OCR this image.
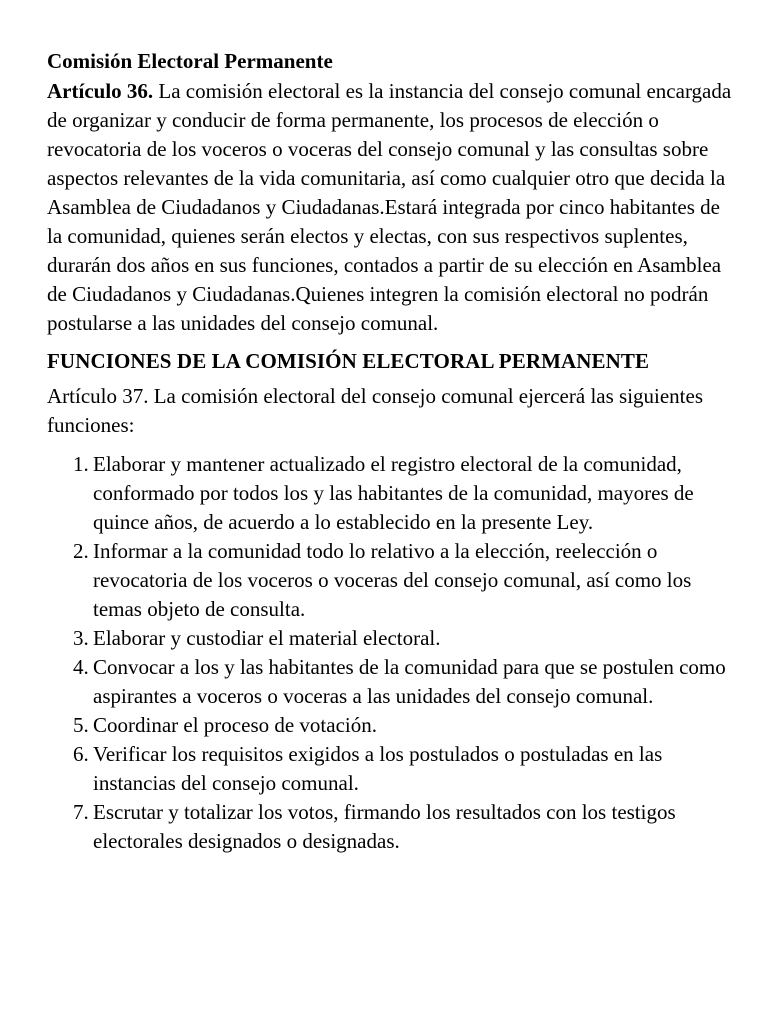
Comisión Electoral Permanente

Artículo 36. La comisión electoral es la instancia del consejo comunal encargada de organizar y conducir de forma permanente, los procesos de elección o revocatoria de los voceros o voceras del consejo comunal y las consultas sobre aspectos relevantes de la vida comunitaria, así como cualquier otro que decida la Asamblea de Ciudadanos y Ciudadanas.Estará integrada por cinco habitantes de la comunidad, quienes serán electos y electas, con sus respectivos suplentes, durarán dos años en sus funciones, contados a partir de su elección en Asamblea de Ciudadanos y Ciudadanas.Quienes integren la comisión electoral no podrán postularse a las unidades del consejo comunal.

FUNCIONES DE LA COMISIÓN ELECTORAL PERMANENTE

Artículo 37. La comisión electoral del consejo comunal ejercerá las siguientes funciones:

1. Elaborar y mantener actualizado el registro electoral de la comunidad, conformado por todos los y las habitantes de la comunidad, mayores de quince años, de acuerdo a lo establecido en la presente Ley.
2. Informar a la comunidad todo lo relativo a la elección, reelección o revocatoria de los voceros o voceras del consejo comunal, así como los temas objeto de consulta.
3. Elaborar y custodiar el material electoral.
4. Convocar a los y las habitantes de la comunidad para que se postulen como aspirantes a voceros o voceras a las unidades del consejo comunal.
5. Coordinar el proceso de votación.
6. Verificar los requisitos exigidos a los postulados o postuladas en las instancias del consejo comunal.
7. Escrutar y totalizar los votos, firmando los resultados con los testigos electorales designados o designadas.
